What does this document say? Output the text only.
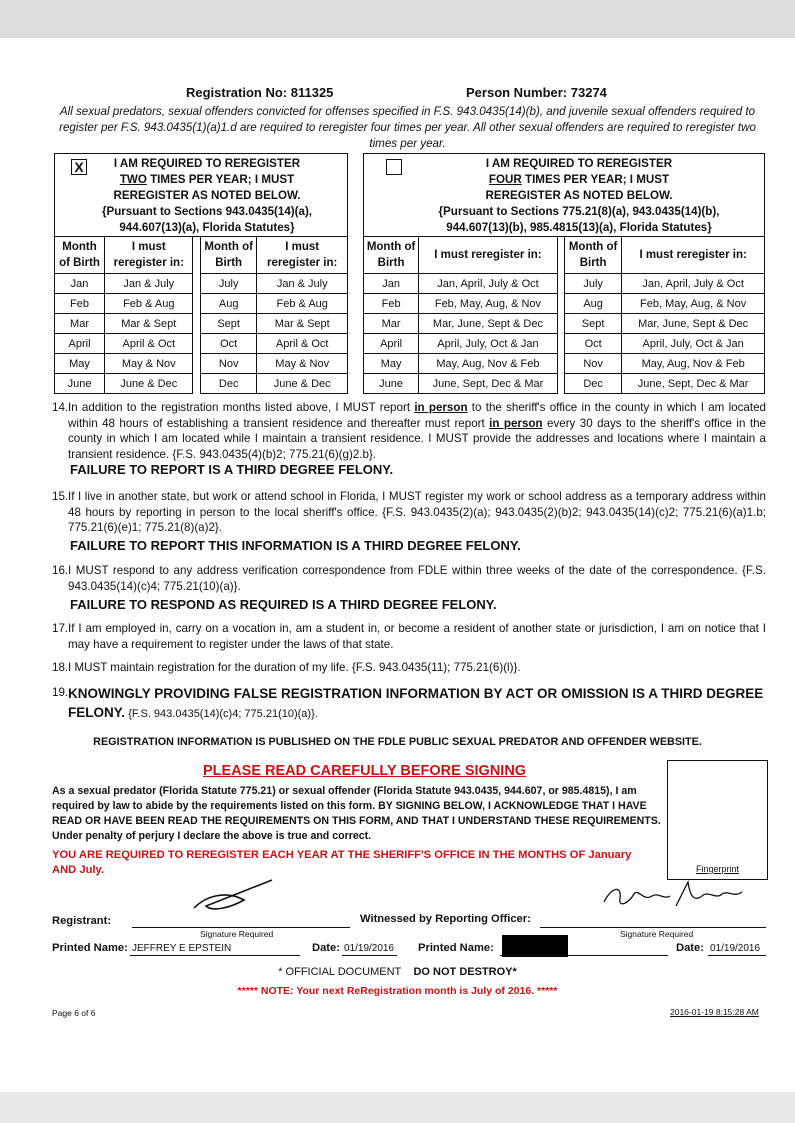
Registration No: 811325	Person Number: 73274
All sexual predators, sexual offenders convicted for offenses specified in F.S. 943.0435(14)(b), and juvenile sexual offenders required to register per F.S. 943.0435(1)(a)1.d are required to reregister four times per year. All other sexual offenders are required to reregister two times per year.
X	I AM REQUIRED TO REREGISTER
TWO TIMES PER YEAR; I MUST
REREGISTER AS NOTED BELOW.
{Pursuant to Sections 943.0435(14)(a),
944.607(13)(a), Florida Statutes}
Month of Birth	I must reregister in:		Month of Birth	I must reregister in:
Jan	Jan & July		July	Jan & July
Feb	Feb & Aug		Aug	Feb & Aug
Mar	Mar & Sept		Sept	Mar & Sept
April	April & Oct		Oct	April & Oct
May	May & Nov		Nov	May & Nov
June	June & Dec		Dec	June & Dec
I AM REQUIRED TO REREGISTER
FOUR TIMES PER YEAR; I MUST
REREGISTER AS NOTED BELOW.
{Pursuant to Sections 775.21(8)(a), 943.0435(14)(b),
944.607(13)(b), 985.4815(13)(a), Florida Statutes}
Month of Birth	I must reregister in:		Month of Birth	I must reregister in:
Jan	Jan, April, July & Oct		July	Jan, April, July & Oct
Feb	Feb, May, Aug, & Nov		Aug	Feb, May, Aug, & Nov
Mar	Mar, June, Sept & Dec		Sept	Mar, June, Sept & Dec
April	April, July, Oct & Jan		Oct	April, July, Oct & Jan
May	May, Aug, Nov & Feb		Nov	May, Aug, Nov & Feb
June	June, Sept, Dec & Mar		Dec	June, Sept, Dec & Mar
14. In addition to the registration months listed above, I MUST report in person to the sheriff's office in the county in which I am located within 48 hours of establishing a transient residence and thereafter must report in person every 30 days to the sheriff's office in the county in which I am located while I maintain a transient residence. I MUST provide the addresses and locations where I maintain a transient residence. {F.S. 943.0435(4)(b)2; 775.21(6)(g)2.b}.
FAILURE TO REPORT IS A THIRD DEGREE FELONY.
15. If I live in another state, but work or attend school in Florida, I MUST register my work or school address as a temporary address within 48 hours by reporting in person to the local sheriff's office. {F.S. 943.0435(2)(a); 943.0435(2)(b)2; 943.0435(14)(c)2; 775.21(6)(a)1.b; 775.21(6)(e)1; 775.21(8)(a)2}.
FAILURE TO REPORT THIS INFORMATION IS A THIRD DEGREE FELONY.
16. I MUST respond to any address verification correspondence from FDLE within three weeks of the date of the correspondence. {F.S. 943.0435(14)(c)4; 775.21(10)(a)}.
FAILURE TO RESPOND AS REQUIRED IS A THIRD DEGREE FELONY.
17. If I am employed in, carry on a vocation in, am a student in, or become a resident of another state or jurisdiction, I am on notice that I may have a requirement to register under the laws of that state.
18. I MUST maintain registration for the duration of my life. {F.S. 943.0435(11); 775.21(6)(l)}.
19. KNOWINGLY PROVIDING FALSE REGISTRATION INFORMATION BY ACT OR OMISSION IS A THIRD DEGREE FELONY. {F.S. 943.0435(14)(c)4; 775.21(10)(a)}.
REGISTRATION INFORMATION IS PUBLISHED ON THE FDLE PUBLIC SEXUAL PREDATOR AND OFFENDER WEBSITE.
PLEASE READ CAREFULLY BEFORE SIGNING
As a sexual predator (Florida Statute 775.21) or sexual offender (Florida Statute 943.0435, 944.607, or 985.4815), I am required by law to abide by the requirements listed on this form. BY SIGNING BELOW, I ACKNOWLEDGE THAT I HAVE READ OR HAVE BEEN READ THE REQUIREMENTS ON THIS FORM, AND THAT I UNDERSTAND THESE REQUIREMENTS. Under penalty of perjury I declare the above is true and correct.
YOU ARE REQUIRED TO REREGISTER EACH YEAR AT THE SHERIFF'S OFFICE IN THE MONTHS OF January AND July.	Fingerprint
Registrant:
Signature Required
Witnessed by Reporting Officer:
Signature Required
Printed Name: JEFFREY E EPSTEIN	Date: 01/19/2016 Printed Name:	Date: 01/19/2016
* OFFICIAL DOCUMENT DO NOT DESTROY*
***** NOTE: Your next ReRegistration month is July of 2016. *****
Page 6 of 6	2016-01-19 8:15:28 AM
